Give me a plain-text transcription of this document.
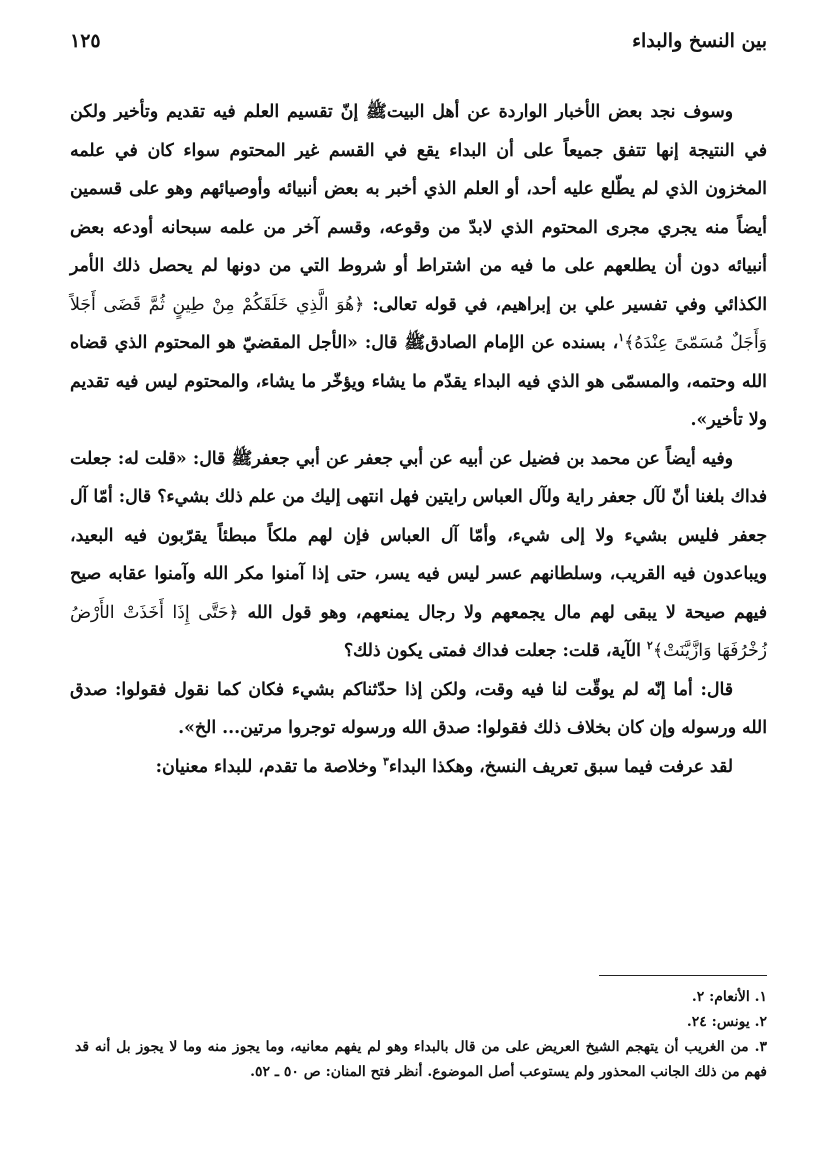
بين النسخ والبداء
١٢٥

وسوف نجد بعض الأخبار الواردة عن أهل البيتﷺ إنّ تقسيم العلم فيه تقديم وتأخير ولكن في النتيجة إنها تتفق جميعاً على أن البداء يقع في القسم غير المحتوم سواء كان في علمه المخزون الذي لم يطّلع عليه أحد، أو العلم الذي أخبر به بعض أنبيائه وأوصيائهم وهو على قسمين أيضاً منه يجري مجرى المحتوم الذي لابدّ من وقوعه، وقسم آخر من علمه سبحانه أودعه بعض أنبيائه دون أن يطلعهم على ما فيه من اشتراط أو شروط التي من دونها لم يحصل ذلك الأمر الكذائي وفي تفسير علي بن إبراهيم، في قوله تعالى: ﴿هُوَ الَّذِي خَلَقَكُمْ مِنْ طِينٍ ثُمَّ قَضَى أَجَلاً وَأَجَلٌ مُسَمّىً عِنْدَهُ﴾$^١$، بسنده عن الإمام الصادقﷺ قال: «الأجل المقضيّ هو المحتوم الذي قضاه الله وحتمه، والمسمّى هو الذي فيه البداء يقدّم ما يشاء ويؤخّر ما يشاء، والمحتوم ليس فيه تقديم ولا تأخير».

وفيه أيضاً عن محمد بن فضيل عن أبيه عن أبي جعفر عن أبي جعفرﷺ قال: «قلت له: جعلت فداك بلغنا أنّ لآل جعفر راية ولآل العباس رايتين فهل انتهى إليك من علم ذلك بشيء؟ قال: أمّا آل جعفر فليس بشيء ولا إلى شيء، وأمّا آل العباس فإن لهم ملكاً مبطئاً يقرّبون فيه البعيد، ويباعدون فيه القريب، وسلطانهم عسر ليس فيه يسر، حتى إذا آمنوا مكر الله وآمنوا عقابه صيح فيهم صيحة لا يبقى لهم مال يجمعهم ولا رجال يمنعهم، وهو قول الله ﴿حَتَّى إِذَا أَخَذَتْ الأَرْضُ زُخْرُفَهَا وَازَّيَّنَتْ﴾$^٢$ الآية، قلت: جعلت فداك فمتى يكون ذلك؟

قال: أما إنّه لم يوقّت لنا فيه وقت، ولكن إذا حدّثناكم بشيء فكان كما نقول فقولوا: صدق الله ورسوله وإن كان بخلاف ذلك فقولوا: صدق الله ورسوله توجروا مرتين... الخ».

لقد عرفت فيما سبق تعريف النسخ، وهكذا البداء$^٣$ وخلاصة ما تقدم، للبداء معنيان:

١. الأنعام: ٢.

٢. يونس: ٢٤.

٣. من الغريب أن يتهجم الشيخ العريض على من قال بالبداء وهو لم يفهم معانيه، وما يجوز منه وما لا يجوز بل أنه قد فهم من ذلك الجانب المحذور ولم يستوعب أصل الموضوع. أنظر فتح المنان: ص ٥٠ ـ ٥٢.
